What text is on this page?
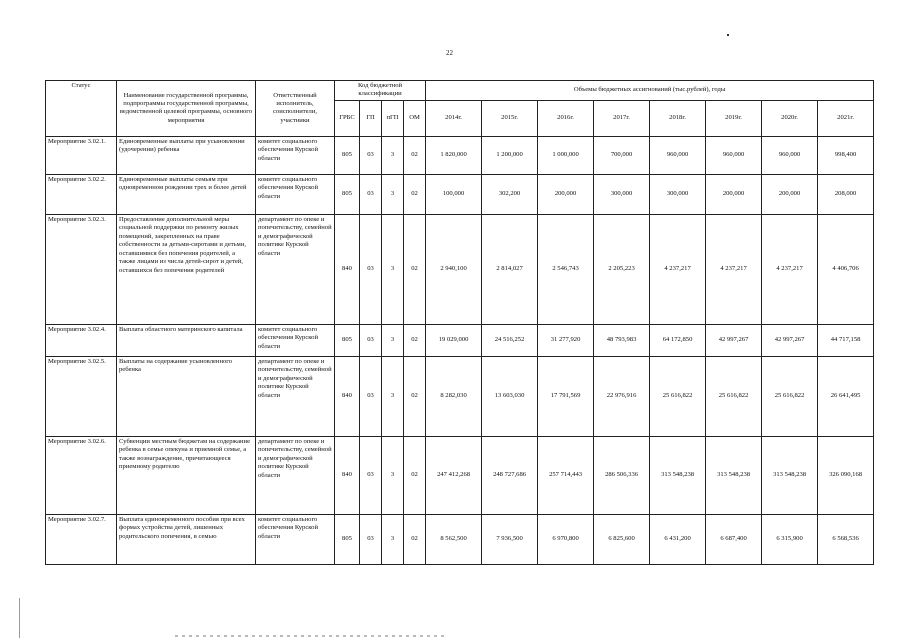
22
Статус	Наименование государственной программы, подпрограммы государственной программы, ведомственной целевой программы, основного мероприятия	Ответственный исполнитель, соисполнители, участники	Код бюджетной классификации				Объемы бюджетных ассигнований (тыс.рублей), годы							
			ГРБС	ГП	пГП	ОМ	2014г.	2015г.	2016г.	2017г.	2018г.	2019г.	2020г.	2021г.
Мероприятие 3.02.1.	Единовременные выплаты при усыновлении (удочерении) ребенка	комитет социального обеспечения Курской области	805	03	3	02	1 820,000	1 200,000	1 000,000	700,000	960,000	960,000	960,000	998,400
Мероприятие 3.02.2.	Единовременные выплаты семьям при одновременном рождении трех и более детей	комитет социального обеспечения Курской области	805	03	3	02	100,000	302,200	200,000	300,000	300,000	200,000	200,000	208,000
Мероприятие 3.02.3.	Предоставление дополнительной меры социальной поддержки по ремонту жилых помещений, закрепленных на праве собственности за детьми-сиротами и детьми, оставшимися без попечения родителей, а также лицами из числа детей-сирот и детей, оставшихся без попечения родителей	департамент по опеке и попечительству, семейной и демографической политике Курской области	840	03	3	02	2 940,100	2 814,027	2 546,743	2 205,223	4 237,217	4 237,217	4 237,217	4 406,706
Мероприятие 3.02.4.	Выплата областного материнского капитала	комитет социального обеспечения Курской области	805	03	3	02	19 029,000	24 516,252	31 277,920	48 793,983	64 172,850	42 997,267	42 997,267	44 717,158
Мероприятие 3.02.5.	Выплаты на содержание усыновленного ребенка	департамент по опеке и попечительству, семейной и демографической политике Курской области	840	03	3	02	8 282,030	13 603,030	17 791,569	22 976,916	25 616,822	25 616,822	25 616,822	26 641,495
Мероприятие 3.02.6.	Субвенции местным бюджетам на содержание ребенка в семье опекуна и приемной семье, а также вознаграждение, причитающееся приемному родителю	департамент по опеке и попечительству, семейной и демографической политике Курской области	840	03	3	02	247 412,268	248 727,686	257 714,443	286 506,336	313 548,238	313 548,238	313 548,238	326 090,168
Мероприятие 3.02.7.	Выплата единовременного пособия при всех формах устройства детей, лишенных родительского попечения, в семью	комитет социального обеспечения Курской области	805	03	3	02	8 562,500	7 936,500	6 970,800	6 825,600	6 431,200	6 687,400	6 315,900	6 568,536
